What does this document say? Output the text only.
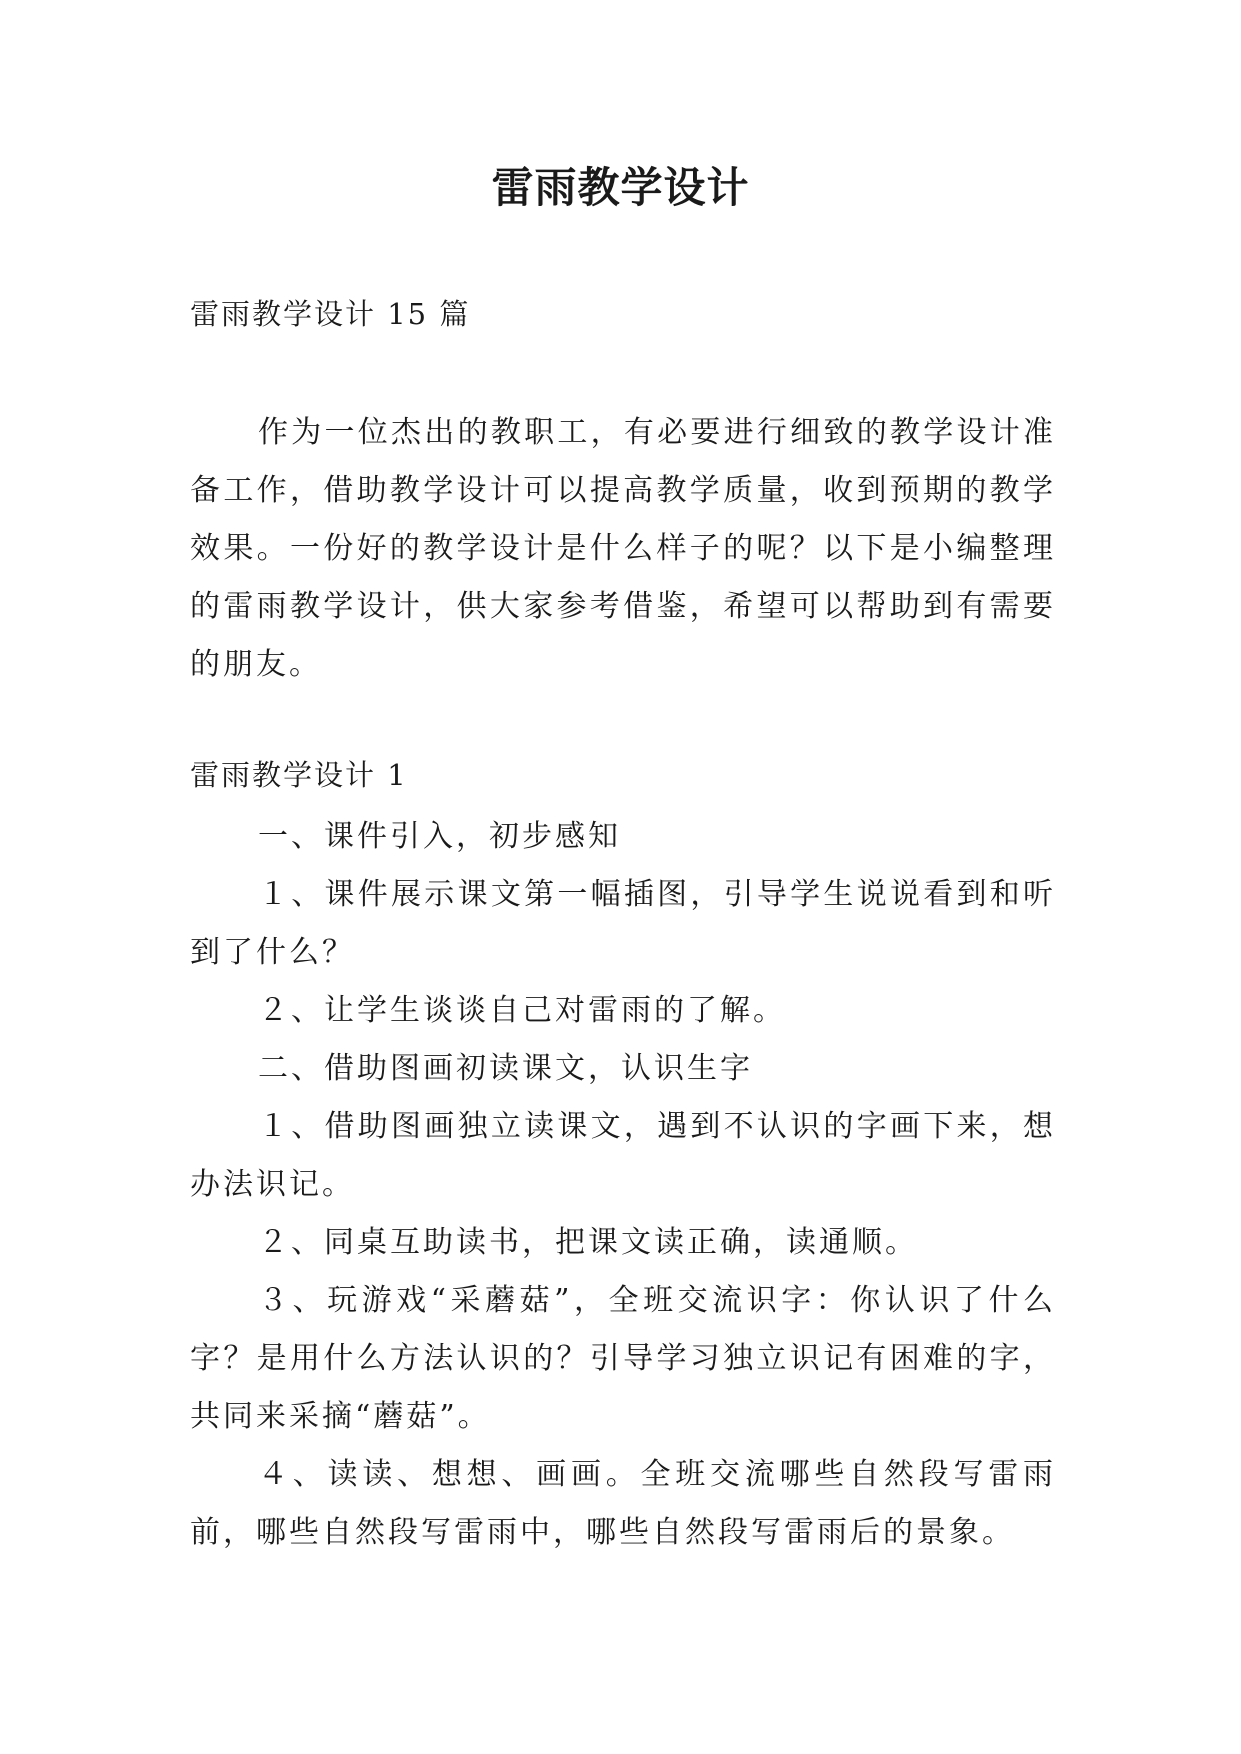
雷雨教学设计
雷雨教学设计 15 篇
作为一位杰出的教职工，有必要进行细致的教学设计准备工作，借助教学设计可以提高教学质量，收到预期的教学效果。一份好的教学设计是什么样子的呢？以下是小编整理的雷雨教学设计，供大家参考借鉴，希望可以帮助到有需要的朋友。
雷雨教学设计 1

一、课件引入，初步感知

１、课件展示课文第一幅插图，引导学生说说看到和听到了什么？

２、让学生谈谈自己对雷雨的了解。

二、借助图画初读课文，认识生字

１、借助图画独立读课文，遇到不认识的字画下来，想办法识记。

２、同桌互助读书，把课文读正确，读通顺。

３、玩游戏“采蘑菇”，全班交流识字：你认识了什么字？是用什么方法认识的？引导学习独立识记有困难的字，共同来采摘“蘑菇”。

４、读读、想想、画画。全班交流哪些自然段写雷雨前，哪些自然段写雷雨中，哪些自然段写雷雨后的景象。
